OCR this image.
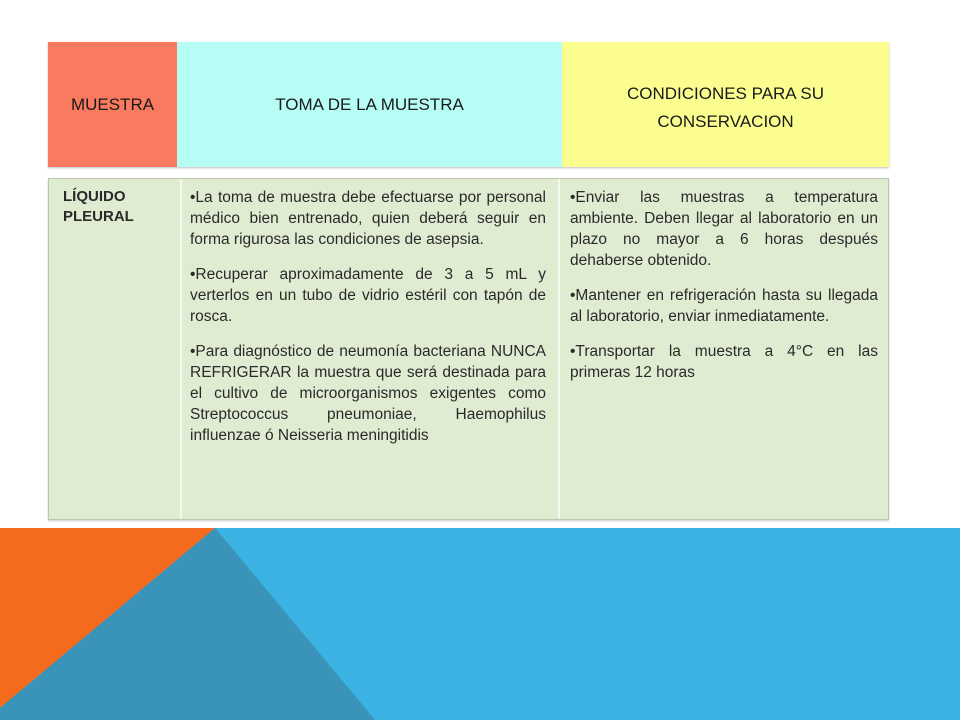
MUESTRA	TOMA DE LA MUESTRA
CONDICIONES PARA SU CONSERVACION
LÍQUIDO
PLEURAL

•La toma de muestra debe efectuarse por personal médico bien entrenado, quien deberá seguir en forma rigurosa las condiciones de asepsia.

•Recuperar aproximadamente de 3 a 5 mL y verterlos en un tubo de vidrio estéril con tapón de rosca.

•Para diagnóstico de neumonía bacteriana NUNCA REFRIGERAR la muestra que será destinada para el cultivo de microorganismos exigentes como Streptococcus pneumoniae, Haemophilus influenzae ó Neisseria meningitidis

•Enviar las muestras a temperatura ambiente. Deben llegar al laboratorio en un plazo no mayor a 6 horas después dehaberse obtenido.

•Mantener en refrigeración hasta su llegada al laboratorio, enviar inmediatamente.

•Transportar la muestra a 4°C en las primeras 12 horas
